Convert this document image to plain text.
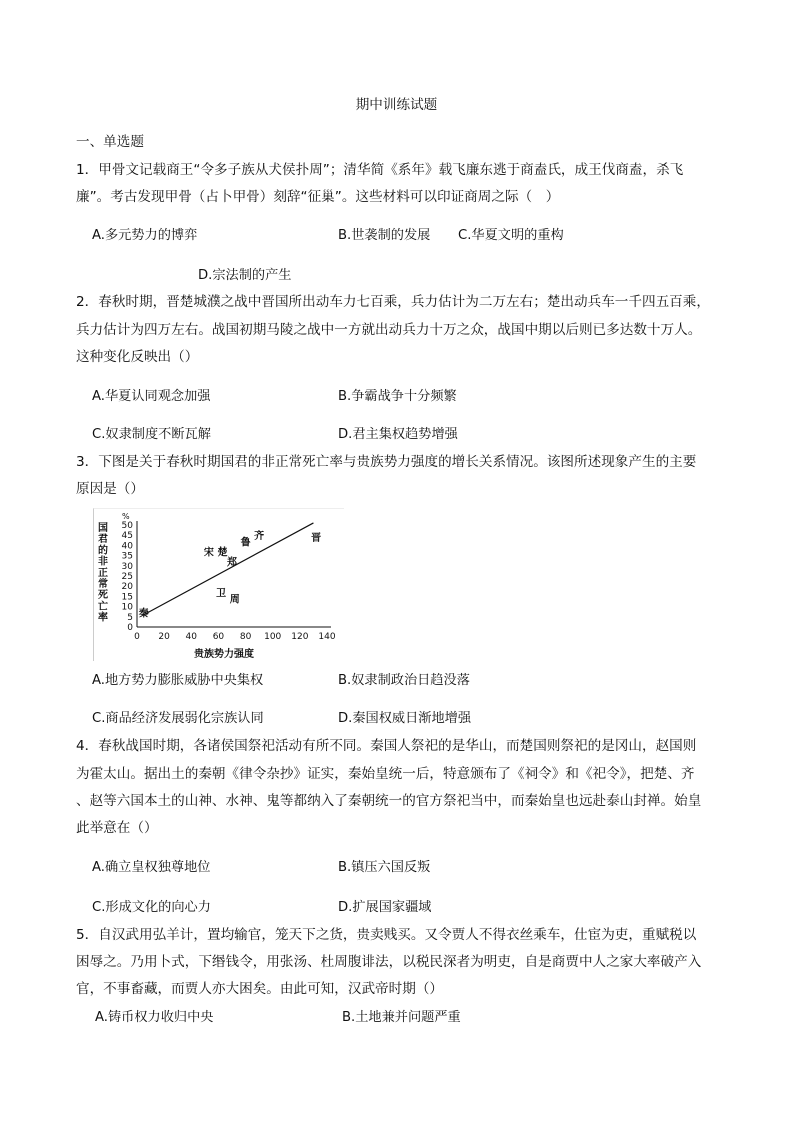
期中训练试题
一、单选题
1．甲骨文记载商王“令多子族从犬侯扑周”；清华简《系年》载飞廉东逃于商盍氏，成王伐商盍，杀飞
廉”。考古发现甲骨（占卜甲骨）刻辞“征巢”。这些材料可以印证商周之际（　）
A.多元势力的博弈	B.世袭制的发展 C.华夏文明的重构
D.宗法制的产生
2．春秋时期，晋楚城濮之战中晋国所出动车力七百乘，兵力估计为二万左右；楚出动兵车一千四五百乘，
兵力估计为四万左右。战国初期马陵之战中一方就出动兵力十万之众，战国中期以后则已多达数十万人。
这种变化反映出（）
A.华夏认同观念加强	B.争霸战争十分频繁
C.奴隶制度不断瓦解	D.君主集权趋势增强
3．下图是关于春秋时期国君的非正常死亡率与贵族势力强度的增长关系情况。该图所述现象产生的主要
原因是（）
国
君
的
非
正
常
死
亡
率
%
0 20 40 60 80 100 120 140
0
5
10
15
20
25
30
35
40
45
50
秦
卫
周
郑
宋 楚
鲁
齐	晋
贵族势力强度
A.地方势力膨胀威胁中央集权	B.奴隶制政治日趋没落
C.商品经济发展弱化宗族认同	D.秦国权威日渐地增强
4．春秋战国时期，各诸侯国祭祀活动有所不同。秦国人祭祀的是华山，而楚国则祭祀的是冈山，赵国则
为霍太山。据出土的秦朝《律令杂抄》证实，秦始皇统一后，特意颁布了《祠令》和《祀令》，把楚、齐
、赵等六国本土的山神、水神、鬼等都纳入了秦朝统一的官方祭祀当中，而秦始皇也远赴泰山封禅。始皇
此举意在（）
A.确立皇权独尊地位	B.镇压六国反叛
C.形成文化的向心力	D.扩展国家疆域
5．自汉武用弘羊计，置均输官，笼天下之货，贵卖贱买。又令贾人不得衣丝乘车，仕宦为吏，重赋税以
困辱之。乃用卜式，下缗钱令，用张汤、杜周腹诽法，以税民深者为明吏，自是商贾中人之家大率破产入
官，不事畜藏，而贾人亦大困矣。由此可知，汉武帝时期（）
A.铸币权力收归中央	B.土地兼并问题严重
